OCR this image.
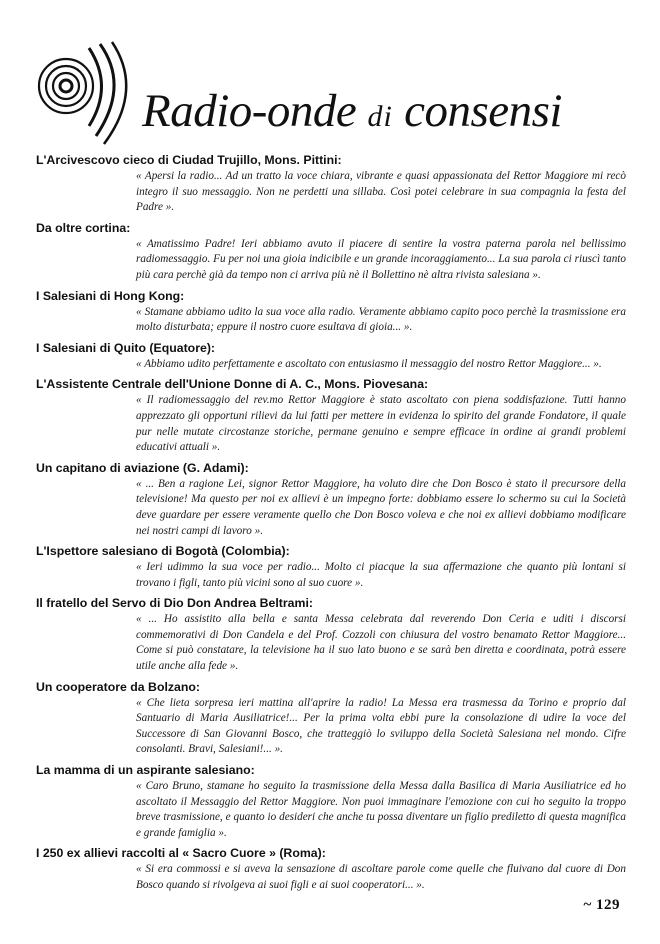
Radio-onde di consensi
L'Arcivescovo cieco di Ciudad Trujillo, Mons. Pittini:
« Apersi la radio... Ad un tratto la voce chiara, vibrante e quasi appassionata del Rettor Maggiore mi recò integro il suo messaggio. Non ne perdetti una sillaba. Così potei celebrare in sua compagnia la festa del Padre ».
Da oltre cortina:
« Amatissimo Padre! Ieri abbiamo avuto il piacere di sentire la vostra paterna parola nel bellissimo radiomessaggio. Fu per noi una gioia indicibile e un grande incoraggiamento... La sua parola ci riuscì tanto più cara perchè già da tempo non ci arriva più nè il Bollettino nè altra rivista salesiana ».
I Salesiani di Hong Kong:
« Stamane abbiamo udito la sua voce alla radio. Veramente abbiamo capito poco perchè la trasmissione era molto disturbata; eppure il nostro cuore esultava di gioia... ».
I Salesiani di Quito (Equatore):
« Abbiamo udito perfettamente e ascoltato con entusiasmo il messaggio del nostro Rettor Maggiore... ».
L'Assistente Centrale dell'Unione Donne di A. C., Mons. Piovesana:
« Il radiomessaggio del rev.mo Rettor Maggiore è stato ascoltato con piena soddisfazione. Tutti hanno apprezzato gli opportuni rilievi da lui fatti per mettere in evidenza lo spirito del grande Fondatore, il quale pur nelle mutate circostanze storiche, permane genuino e sempre efficace in ordine ai grandi problemi educativi attuali ».
Un capitano di aviazione (G. Adami):
« ... Ben a ragione Lei, signor Rettor Maggiore, ha voluto dire che Don Bosco è stato il precursore della televisione! Ma questo per noi ex allievi è un impegno forte: dobbiamo essere lo schermo su cui la Società deve guardare per essere veramente quello che Don Bosco voleva e che noi ex allievi dobbiamo modificare nei nostri campi di lavoro ».
L'Ispettore salesiano di Bogotà (Colombia):
« Ieri udimmo la sua voce per radio... Molto ci piacque la sua affermazione che quanto più lontani si trovano i figli, tanto più vicini sono al suo cuore ».
Il fratello del Servo di Dio Don Andrea Beltrami:
« ... Ho assistito alla bella e santa Messa celebrata dal reverendo Don Ceria e uditi i discorsi commemorativi di Don Candela e del Prof. Cozzoli con chiusura del vostro benamato Rettor Maggiore... Come si può constatare, la televisione ha il suo lato buono e se sarà ben diretta e coordinata, potrà essere utile anche alla fede ».
Un cooperatore da Bolzano:
« Che lieta sorpresa ieri mattina all'aprire la radio! La Messa era trasmessa da Torino e proprio dal Santuario di Maria Ausiliatrice!... Per la prima volta ebbi pure la consolazione di udire la voce del Successore di San Giovanni Bosco, che tratteggiò lo sviluppo della Società Salesiana nel mondo. Cifre consolanti. Bravi, Salesiani!... ».
La mamma di un aspirante salesiano:
« Caro Bruno, stamane ho seguito la trasmissione della Messa dalla Basilica di Maria Ausiliatrice ed ho ascoltato il Messaggio del Rettor Maggiore. Non puoi immaginare l'emozione con cui ho seguito la troppo breve trasmissione, e quanto io desideri che anche tu possa diventare un figlio prediletto di questa magnifica e grande famiglia ».
I 250 ex allievi raccolti al « Sacro Cuore » (Roma):
« Si era commossi e si aveva la sensazione di ascoltare parole come quelle che fluivano dal cuore di Don Bosco quando si rivolgeva ai suoi figli e ai suoi cooperatori... ».
~ 129
